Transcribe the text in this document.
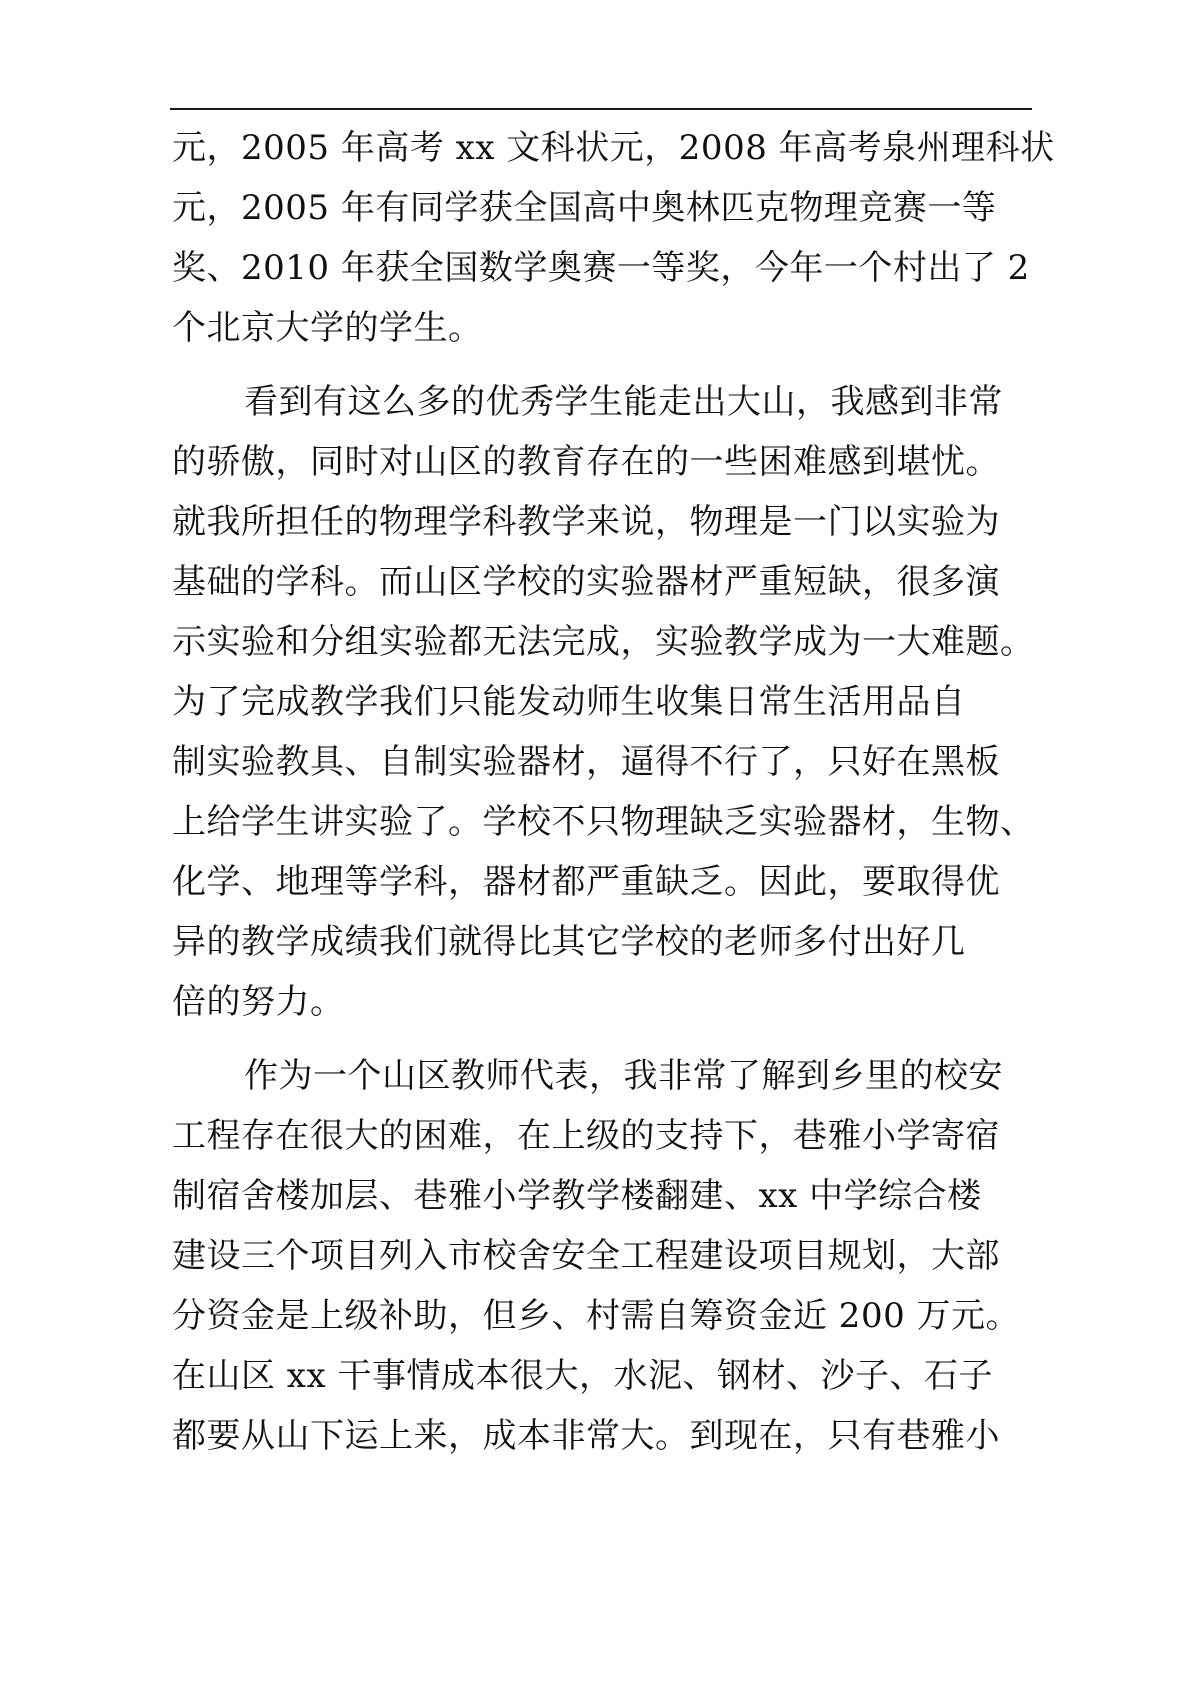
元，2005 年高考 xx 文科状元，2008 年高考泉州理科状
元，2005 年有同学获全国高中奥林匹克物理竞赛一等
奖、2010 年获全国数学奥赛一等奖，今年一个村出了 2
个北京大学的学生。
看到有这么多的优秀学生能走出大山，我感到非常
的骄傲，同时对山区的教育存在的一些困难感到堪忧。
就我所担任的物理学科教学来说，物理是一门以实验为
基础的学科。而山区学校的实验器材严重短缺，很多演
示实验和分组实验都无法完成，实验教学成为一大难题。
为了完成教学我们只能发动师生收集日常生活用品自
制实验教具、自制实验器材，逼得不行了，只好在黑板
上给学生讲实验了。学校不只物理缺乏实验器材，生物、
化学、地理等学科，器材都严重缺乏。因此，要取得优
异的教学成绩我们就得比其它学校的老师多付出好几
倍的努力。
作为一个山区教师代表，我非常了解到乡里的校安
工程存在很大的困难，在上级的支持下，巷雅小学寄宿
制宿舍楼加层、巷雅小学教学楼翻建、xx 中学综合楼
建设三个项目列入市校舍安全工程建设项目规划，大部
分资金是上级补助，但乡、村需自筹资金近 200 万元。
在山区 xx 干事情成本很大，水泥、钢材、沙子、石子
都要从山下运上来，成本非常大。到现在，只有巷雅小
